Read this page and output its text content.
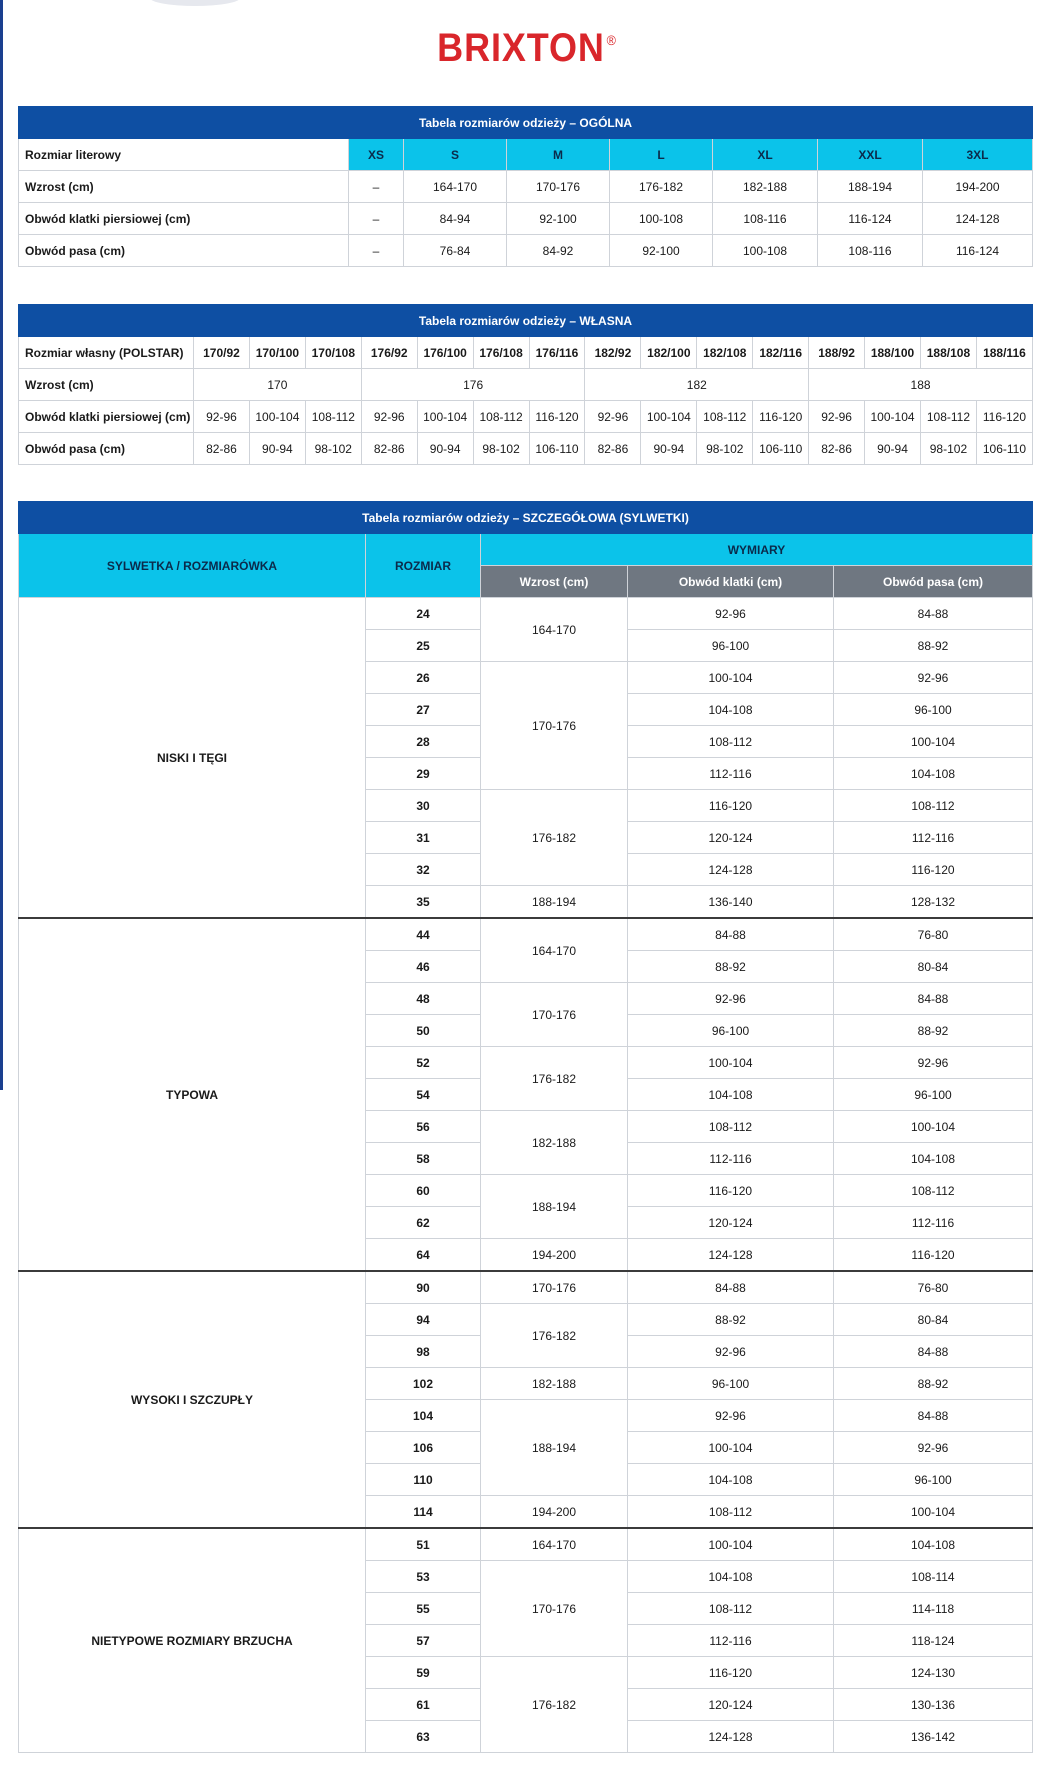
BRIXTON ®
Tabela rozmiarów odzieży – OGÓLNA							
Rozmiar literowy	XS	S	M	L	XL	XXL	3XL
Wzrost (cm)	–	164-170	170-176	176-182	182-188	188-194	194-200
Obwód klatki piersiowej (cm)	–	84-94	92-100	100-108	108-116	116-124	124-128
Obwód pasa (cm)	–	76-84	84-92	92-100	100-108	108-116	116-124
Tabela rozmiarów odzieży – WŁASNA															
Rozmiar własny (POLSTAR)	170/92	170/100	170/108	176/92	176/100	176/108	176/116	182/92	182/100	182/108	182/116	188/92	188/100	188/108	188/116
Wzrost (cm)	170			176				182				188			
Obwód klatki piersiowej (cm)	92-96	100-104	108-112	92-96	100-104	108-112	116-120	92-96	100-104	108-112	116-120	92-96	100-104	108-112	116-120
Obwód pasa (cm)	82-86	90-94	98-102	82-86	90-94	98-102	106-110	82-86	90-94	98-102	106-110	82-86	90-94	98-102	106-110
Tabela rozmiarów odzieży – SZCZEGÓŁOWA (SYLWETKI)				
SYLWETKA / ROZMIARÓWKA	ROZMIAR	WYMIARY		
		Wzrost (cm)	Obwód klatki (cm)	Obwód pasa (cm)
NISKI I TĘGI	24	164-170	92-96	84-88
	25		96-100	88-92
	26	170-176	100-104	92-96
	27		104-108	96-100
	28		108-112	100-104
	29		112-116	104-108
	30	176-182	116-120	108-112
	31		120-124	112-116
	32		124-128	116-120
	35	188-194	136-140	128-132
TYPOWA	44	164-170	84-88	76-80
	46		88-92	80-84
	48	170-176	92-96	84-88
	50		96-100	88-92
	52	176-182	100-104	92-96
	54		104-108	96-100
	56	182-188	108-112	100-104
	58		112-116	104-108
	60	188-194	116-120	108-112
	62		120-124	112-116
	64	194-200	124-128	116-120
WYSOKI I SZCZUPŁY	90	170-176	84-88	76-80
	94	176-182	88-92	80-84
	98		92-96	84-88
	102	182-188	96-100	88-92
	104	188-194	92-96	84-88
	106		100-104	92-96
	110		104-108	96-100
	114	194-200	108-112	100-104
NIETYPOWE ROZMIARY BRZUCHA	51	164-170	100-104	104-108
	53	170-176	104-108	108-114
	55		108-112	114-118
	57		112-116	118-124
	59	176-182	116-120	124-130
	61		120-124	130-136
	63		124-128	136-142
